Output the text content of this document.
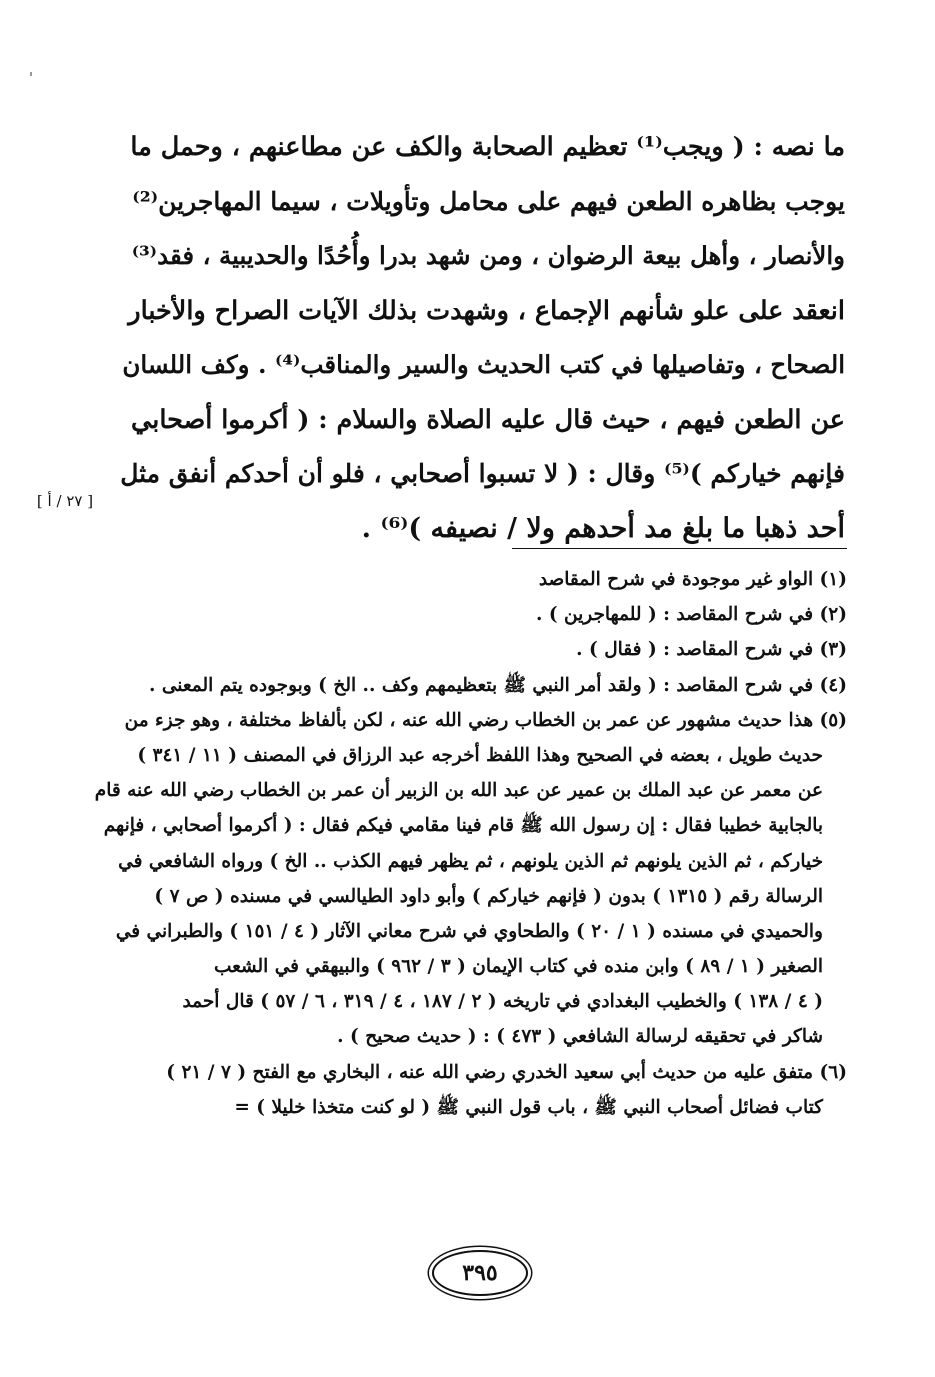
ما نصه : ( ويجب⁽¹⁾ تعظيم الصحابة والكف عن مطاعنهم ، وحمل ما
يوجب بظاهره الطعن فيهم على محامل وتأويلات ، سيما المهاجرين⁽²⁾
والأنصار ، وأهل بيعة الرضوان ، ومن شهد بدرا وأُحُدًا والحديبية ، فقد⁽³⁾
انعقد على علو شأنهم الإجماع ، وشهدت بذلك الآيات الصراح والأخبار
الصحاح ، وتفاصيلها في كتب الحديث والسير والمناقب⁽⁴⁾ . وكف اللسان
عن الطعن فيهم ، حيث قال عليه الصلاة والسلام : ( أكرموا أصحابي
فإنهم خياركم )⁽⁵⁾ وقال : ( لا تسبوا أصحابي ، فلو أن أحدكم أنفق مثل
أحد ذهبا ما بلغ مد أحدهم ولا / نصيفه )⁽⁶⁾ .
[ ٢٧ / أ ]
(١) الواو غير موجودة في شرح المقاصد
(٢) في شرح المقاصد : ( للمهاجرين ) .
(٣) في شرح المقاصد : ( فقال ) .
(٤) في شرح المقاصد : ( ولقد أمر النبي ﷺ بتعظيمهم وكف .. الخ ) وبوجوده يتم المعنى .
(٥) هذا حديث مشهور عن عمر بن الخطاب رضي الله عنه ، لكن بألفاظ مختلفة ، وهو جزء من
حديث طويل ، بعضه في الصحيح وهذا اللفظ أخرجه عبد الرزاق في المصنف ( ١١ / ٣٤١ )
عن معمر عن عبد الملك بن عمير عن عبد الله بن الزبير أن عمر بن الخطاب رضي الله عنه قام
بالجابية خطيبا فقال : إن رسول الله ﷺ قام فينا مقامي فيكم فقال : ( أكرموا أصحابي ، فإنهم
خياركم ، ثم الذين يلونهم ثم الذين يلونهم ، ثم يظهر فيهم الكذب .. الخ ) ورواه الشافعي في
الرسالة رقم ( ١٣١٥ ) بدون ( فإنهم خياركم ) وأبو داود الطيالسي في مسنده ( ص ٧ )
والحميدي في مسنده ( ١ / ٢٠ ) والطحاوي في شرح معاني الآثار ( ٤ / ١٥١ ) والطبراني في
الصغير ( ١ / ٨٩ ) وابن منده في كتاب الإيمان ( ٣ / ٩٦٢ ) والبيهقي في الشعب
( ٤ / ١٣٨ ) والخطيب البغدادي في تاريخه ( ٢ / ١٨٧ ، ٤ / ٣١٩ ، ٦ / ٥٧ ) قال أحمد
شاكر في تحقيقه لرسالة الشافعي ( ٤٧٣ ) : ( حديث صحيح ) .
(٦) متفق عليه من حديث أبي سعيد الخدري رضي الله عنه ، البخاري مع الفتح ( ٧ / ٢١ )
كتاب فضائل أصحاب النبي ﷺ ، باب قول النبي ﷺ ( لو كنت متخذا خليلا ) =
٣٩٥
